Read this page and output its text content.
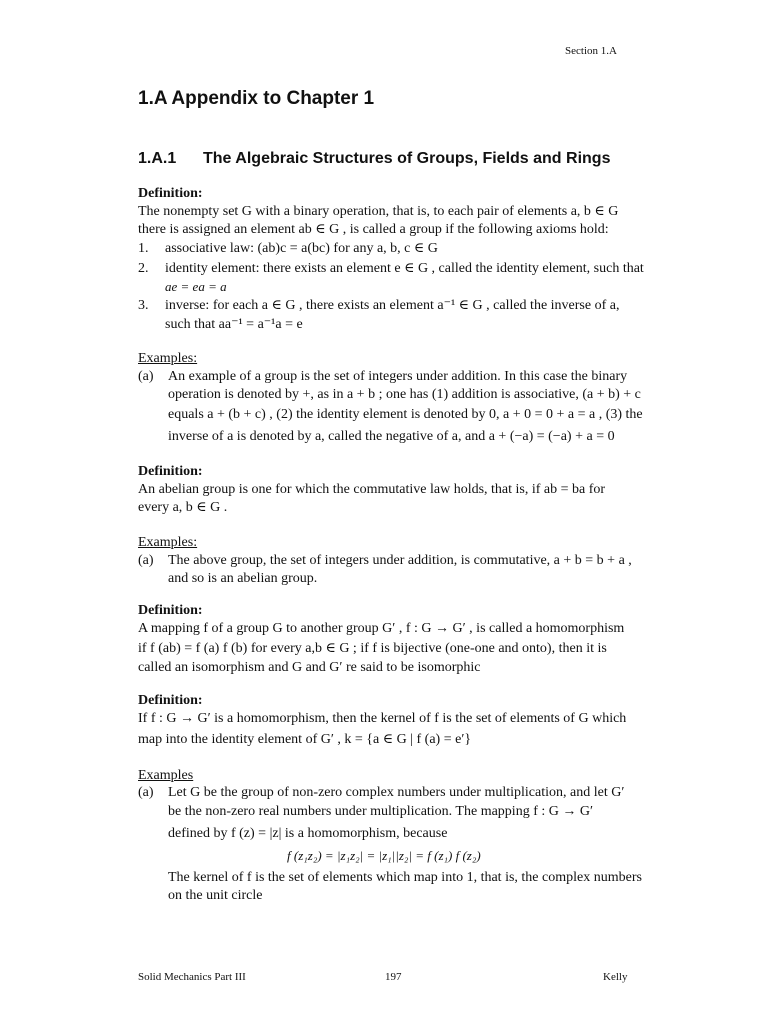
Section 1.A
1.A Appendix to Chapter 1
1.A.1 The Algebraic Structures of Groups, Fields and Rings
Definition:
The nonempty set G with a binary operation, that is, to each pair of elements a, b ∈ G
there is assigned an element ab ∈ G , is called a group if the following axioms hold:
1. associative law: (ab)c = a(bc) for any a, b, c ∈ G
2. identity element: there exists an element e ∈ G , called the identity element, such that
ae = ea = a
3. inverse: for each a ∈ G , there exists an element a⁻¹ ∈ G , called the inverse of a,
such that aa⁻¹ = a⁻¹a = e
Examples:
(a) An example of a group is the set of integers under addition. In this case the binary
operation is denoted by +, as in a + b ; one has (1) addition is associative, (a + b) + c
equals a + (b + c) , (2) the identity element is denoted by 0, a + 0 = 0 + a = a , (3) the
inverse of a is denoted by a, called the negative of a, and a + (−a) = (−a) + a = 0
Definition:
An abelian group is one for which the commutative law holds, that is, if ab = ba for
every a, b ∈ G .
Examples:
(a) The above group, the set of integers under addition, is commutative, a + b = b + a ,
and so is an abelian group.
Definition:
A mapping f of a group G to another group G′ , f : G → G′ , is called a homomorphism
if f (ab) = f (a) f (b) for every a,b ∈ G ; if f is bijective (one-one and onto), then it is
called an isomorphism and G and G′ re said to be isomorphic
Definition:
If f : G → G′ is a homomorphism, then the kernel of f is the set of elements of G which
map into the identity element of G′ , k = {a ∈ G | f (a) = e′}
Examples
(a) Let G be the group of non-zero complex numbers under multiplication, and let G′
be the non-zero real numbers under multiplication. The mapping f : G → G′
defined by f (z) = |z| is a homomorphism, because
f (z₁z₂) = |z₁z₂| = |z₁||z₂| = f (z₁) f (z₂)
The kernel of f is the set of elements which map into 1, that is, the complex numbers
on the unit circle
Solid Mechanics Part III	197	Kelly
